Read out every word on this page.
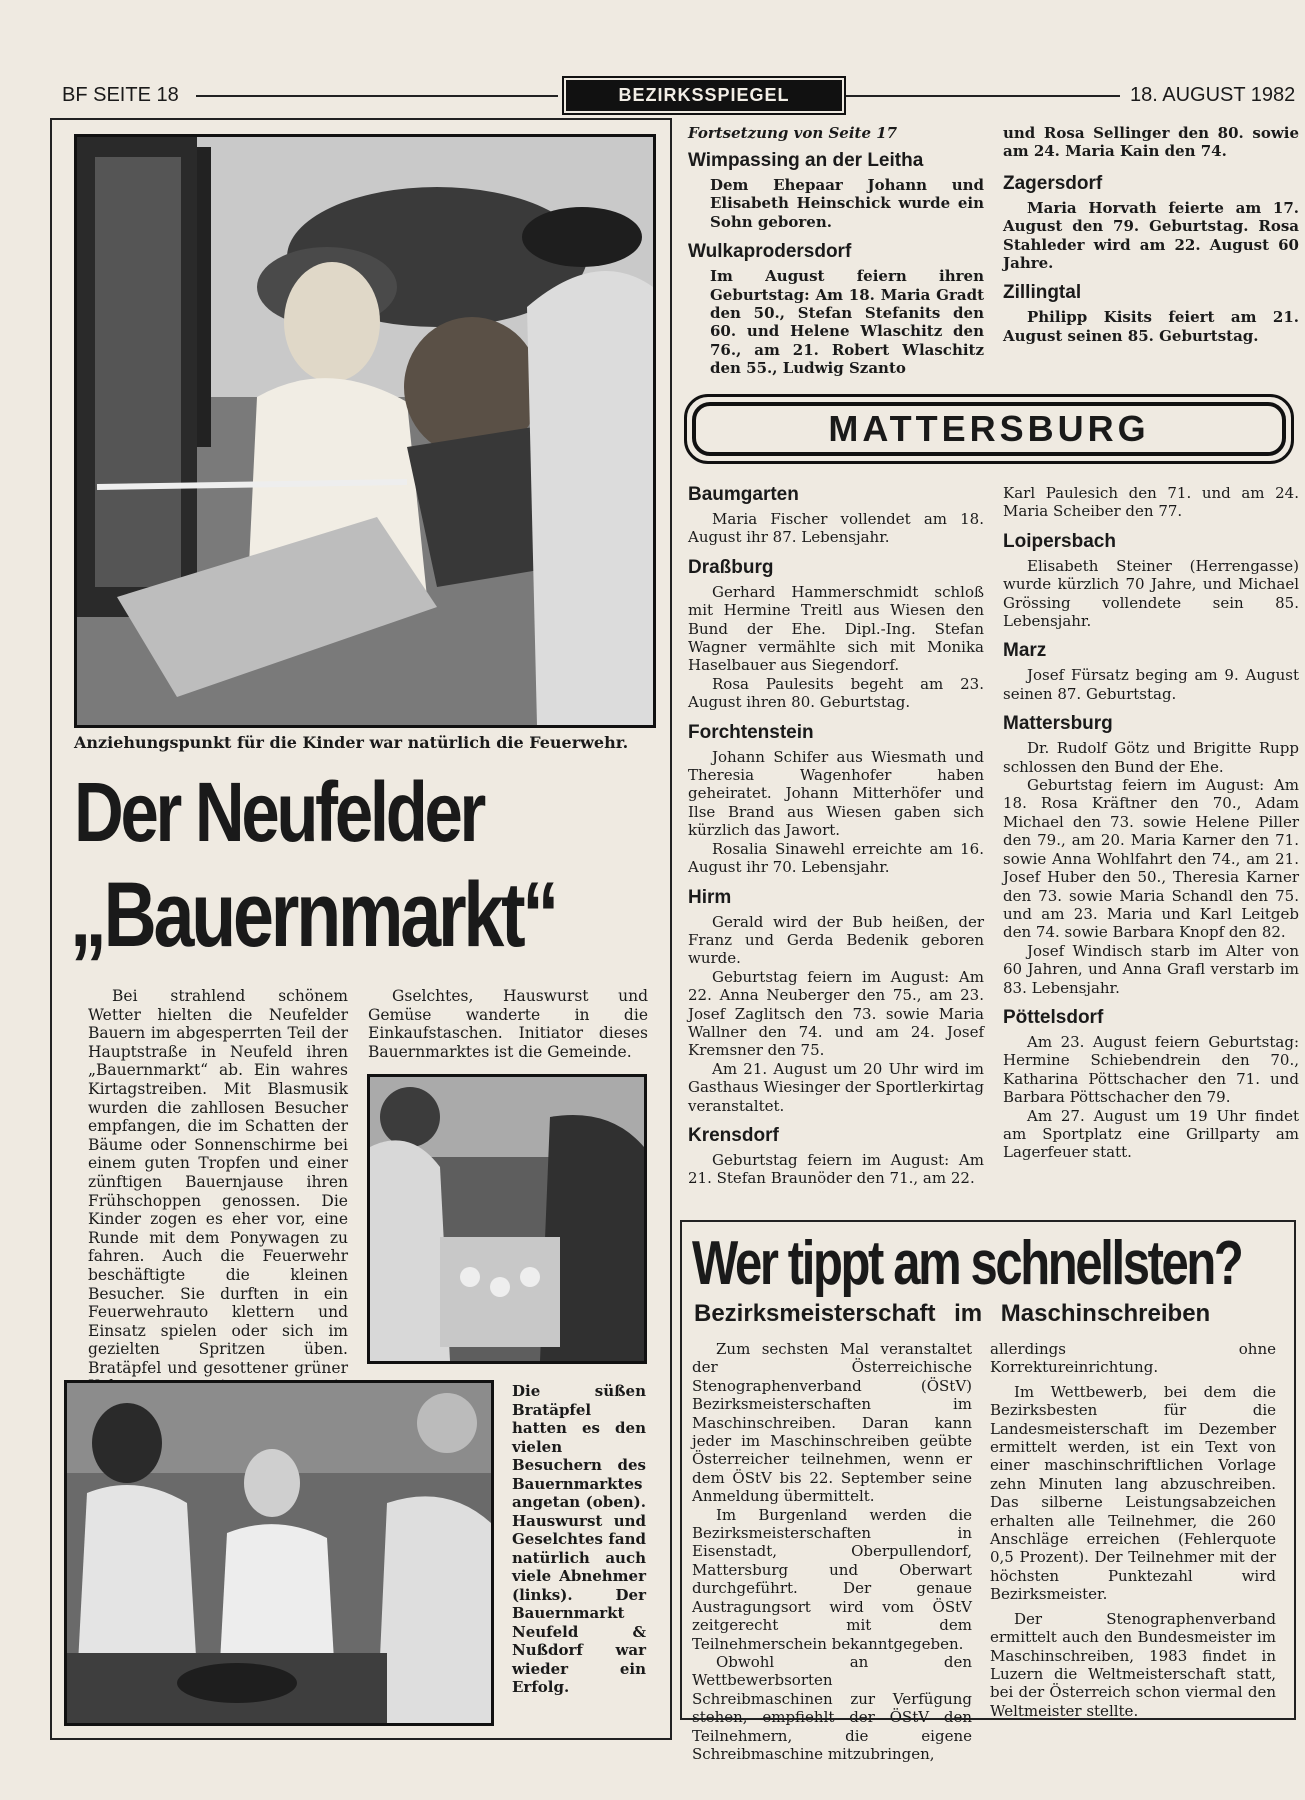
BF SEITE 18	BEZIRKSSPIEGEL	18. AUGUST 1982
Anziehungspunkt für die Kinder war natürlich die Feuerwehr.
Der Neufelder
„Bauernmarkt“

Bei strahlend schönem Wetter hielten die Neufelder Bauern im abgesperrten Teil der Hauptstraße in Neufeld ihren „Bauernmarkt“ ab. Ein wahres Kirtagstreiben. Mit Blasmusik wurden die zahllosen Besucher empfangen, die im Schatten der Bäume oder Sonnenschirme bei einem guten Tropfen und einer zünftigen Bauernjause ihren Frühschoppen genossen. Die Kinder zogen es eher vor, eine Runde mit dem Ponywagen zu fahren. Auch die Feuerwehr beschäftigte die kleinen Besucher. Sie durften in ein Feuerwehrauto klettern und Einsatz spielen oder sich im gezielten Spritzen üben. Bratäpfel und gesottener grüner

Gselchtes, Hauswurst und Gemüse wanderte in die Einkaufstaschen. Initiator dieses Bauernmarktes ist die Gemeinde.

Die süßen Bratäpfel hatten es den vielen Besuchern des Bauernmarktes angetan (oben). Hauswurst und Geselchtes fand natürlich auch viele Abnehmer (links). Der Bauernmarkt Neufeld & Nußdorf war wieder ein Erfolg.
Fortsetzung von Seite 17
Wimpassing an der Leitha

Dem Ehepaar Johann und Elisabeth Heinschick wurde ein Sohn geboren.

Wulkaprodersdorf

Im August feiern ihren Geburtstag: Am 18. Maria Gradt den 50., Stefan Stefanits den 60. und Helene Wlaschitz den 76., am 21. Robert Wlaschitz den 55., Ludwig Szanto

und Rosa Sellinger den 80. sowie am 24. Maria Kain den 74.

Zagersdorf

Maria Horvath feierte am 17. August den 79. Geburtstag. Rosa Stahleder wird am 22. August 60 Jahre.

Zillingtal

Philipp Kisits feiert am 21. August seinen 85. Geburtstag.

MATTERSBURG
Baumgarten

Maria Fischer vollendet am 18. August ihr 87. Lebensjahr.

Draßburg

Gerhard Hammerschmidt schloß mit Hermine Treitl aus Wiesen den Bund der Ehe. Dipl.-Ing. Stefan Wagner vermählte sich mit Monika Haselbauer aus Siegendorf.

Rosa Paulesits begeht am 23. August ihren 80. Geburtstag.

Forchtenstein

Johann Schifer aus Wiesmath und Theresia Wagenhofer haben geheiratet. Johann Mitterhöfer und Ilse Brand aus Wiesen gaben sich kürzlich das Jawort.

Rosalia Sinawehl erreichte am 16. August ihr 70. Lebensjahr.

Hirm

Gerald wird der Bub heißen, der Franz und Gerda Bedenik geboren wurde.

Geburtstag feiern im August: Am 22. Anna Neuberger den 75., am 23. Josef Zaglitsch den 73. sowie Maria Wallner den 74. und am 24. Josef Kremsner den 75.

Am 21. August um 20 Uhr wird im Gasthaus Wiesinger der Sportlerkirtag veranstaltet.

Krensdorf

Geburtstag feiern im August: Am 21. Stefan Braunöder den 71., am 22.

Karl Paulesich den 71. und am 24. Maria Scheiber den 77.

Loipersbach

Elisabeth Steiner (Herrengasse) wurde kürzlich 70 Jahre, und Michael Grössing vollendete sein 85. Lebensjahr.

Marz

Josef Fürsatz beging am 9. August seinen 87. Geburtstag.

Mattersburg

Dr. Rudolf Götz und Brigitte Rupp schlossen den Bund der Ehe.

Geburtstag feiern im August: Am 18. Rosa Kräftner den 70., Adam Michael den 73. sowie Helene Piller den 79., am 20. Maria Karner den 71. sowie Anna Wohlfahrt den 74., am 21. Josef Huber den 50., Theresia Karner den 73. sowie Maria Schandl den 75. und am 23. Maria und Karl Leitgeb den 74. sowie Barbara Knopf den 82.

Josef Windisch starb im Alter von 60 Jahren, und Anna Grafl verstarb im 83. Lebensjahr.

Pöttelsdorf

Am 23. August feiern Geburtstag: Hermine Schiebendrein den 70., Katharina Pöttschacher den 71. und Barbara Pöttschacher den 79.

Am 27. August um 19 Uhr findet am Sportplatz eine Grillparty am Lagerfeuer statt.

Wer tippt am schnellsten?
Bezirksmeisterschaft im Maschinschreiben

Zum sechsten Mal veranstaltet der Österreichische Stenographenverband (ÖStV) Bezirksmeisterschaften im Maschinschreiben. Daran kann jeder im Maschinschreiben geübte Österreicher teilnehmen, wenn er dem ÖStV bis 22. September seine Anmeldung übermittelt.

Im Burgenland werden die Bezirksmeisterschaften in Eisenstadt, Oberpullendorf, Mattersburg und Oberwart durchgeführt. Der genaue Austragungsort wird vom ÖStV zeitgerecht mit dem Teilnehmerschein bekanntgegeben.

Obwohl an den Wettbewerbsorten Schreibmaschinen zur Verfügung stehen, empfiehlt der ÖStV den Teilnehmern, die eigene Schreibmaschine mitzubringen,

allerdings ohne Korrektureinrichtung.

Im Wettbewerb, bei dem die Bezirksbesten für die Landesmeisterschaft im Dezember ermittelt werden, ist ein Text von einer maschinschriftlichen Vorlage zehn Minuten lang abzuschreiben. Das silberne Leistungsabzeichen erhalten alle Teilnehmer, die 260 Anschläge erreichen (Fehlerquote 0,5 Prozent). Der Teilnehmer mit der höchsten Punktezahl wird Bezirksmeister.

Der Stenographenverband ermittelt auch den Bundesmeister im Maschinschreiben, 1983 findet in Luzern die Weltmeisterschaft statt, bei der Österreich schon viermal den Weltmeister stellte.
